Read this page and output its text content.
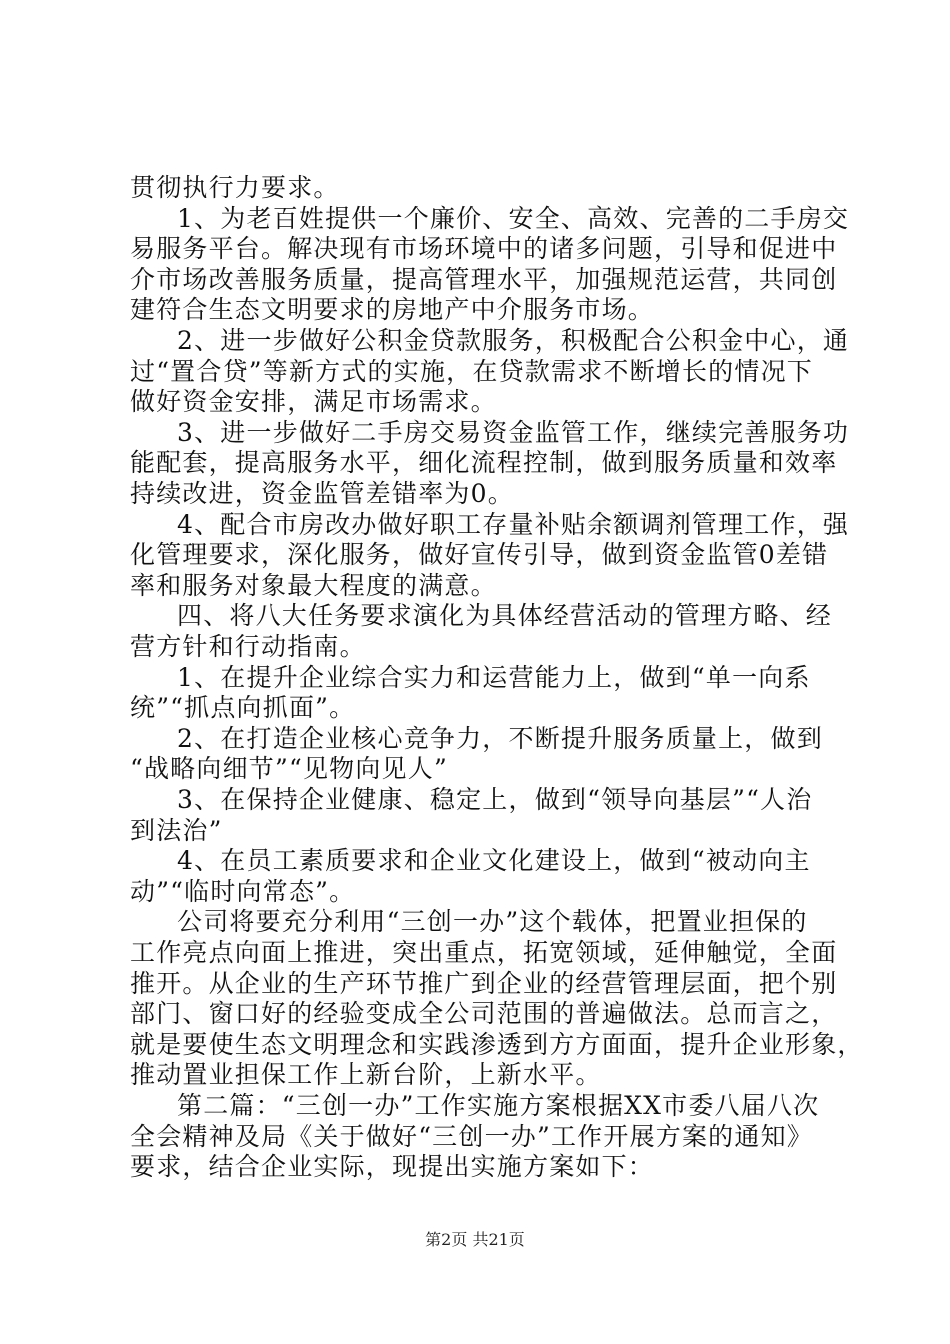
贯彻执行力要求。
1、为老百姓提供一个廉价、安全、高效、完善的二手房交
易服务平台。解决现有市场环境中的诸多问题，引导和促进中
介市场改善服务质量，提高管理水平，加强规范运营，共同创
建符合生态文明要求的房地产中介服务市场。
2、进一步做好公积金贷款服务，积极配合公积金中心，通
过“置合贷”等新方式的实施，在贷款需求不断增长的情况下
做好资金安排，满足市场需求。
3、进一步做好二手房交易资金监管工作，继续完善服务功
能配套，提高服务水平，细化流程控制，做到服务质量和效率
持续改进，资金监管差错率为0。
4、配合市房改办做好职工存量补贴余额调剂管理工作，强
化管理要求，深化服务，做好宣传引导，做到资金监管0差错
率和服务对象最大程度的满意。
四、将八大任务要求演化为具体经营活动的管理方略、经
营方针和行动指南。
1、在提升企业综合实力和运营能力上，做到“单一向系
统”“抓点向抓面”。
2、在打造企业核心竞争力，不断提升服务质量上，做到
“战略向细节”“见物向见人”
3、在保持企业健康、稳定上，做到“领导向基层”“人治
到法治”
4、在员工素质要求和企业文化建设上，做到“被动向主
动”“临时向常态”。
公司将要充分利用“三创一办”这个载体，把置业担保的
工作亮点向面上推进，突出重点，拓宽领域，延伸触觉，全面
推开。从企业的生产环节推广到企业的经营管理层面，把个别
部门、窗口好的经验变成全公司范围的普遍做法。总而言之，
就是要使生态文明理念和实践渗透到方方面面，提升企业形象，
推动置业担保工作上新台阶，上新水平。
第二篇：“三创一办”工作实施方案根据XX市委八届八次
全会精神及局《关于做好“三创一办”工作开展方案的通知》
要求，结合企业实际，现提出实施方案如下：
第2页 共21页
